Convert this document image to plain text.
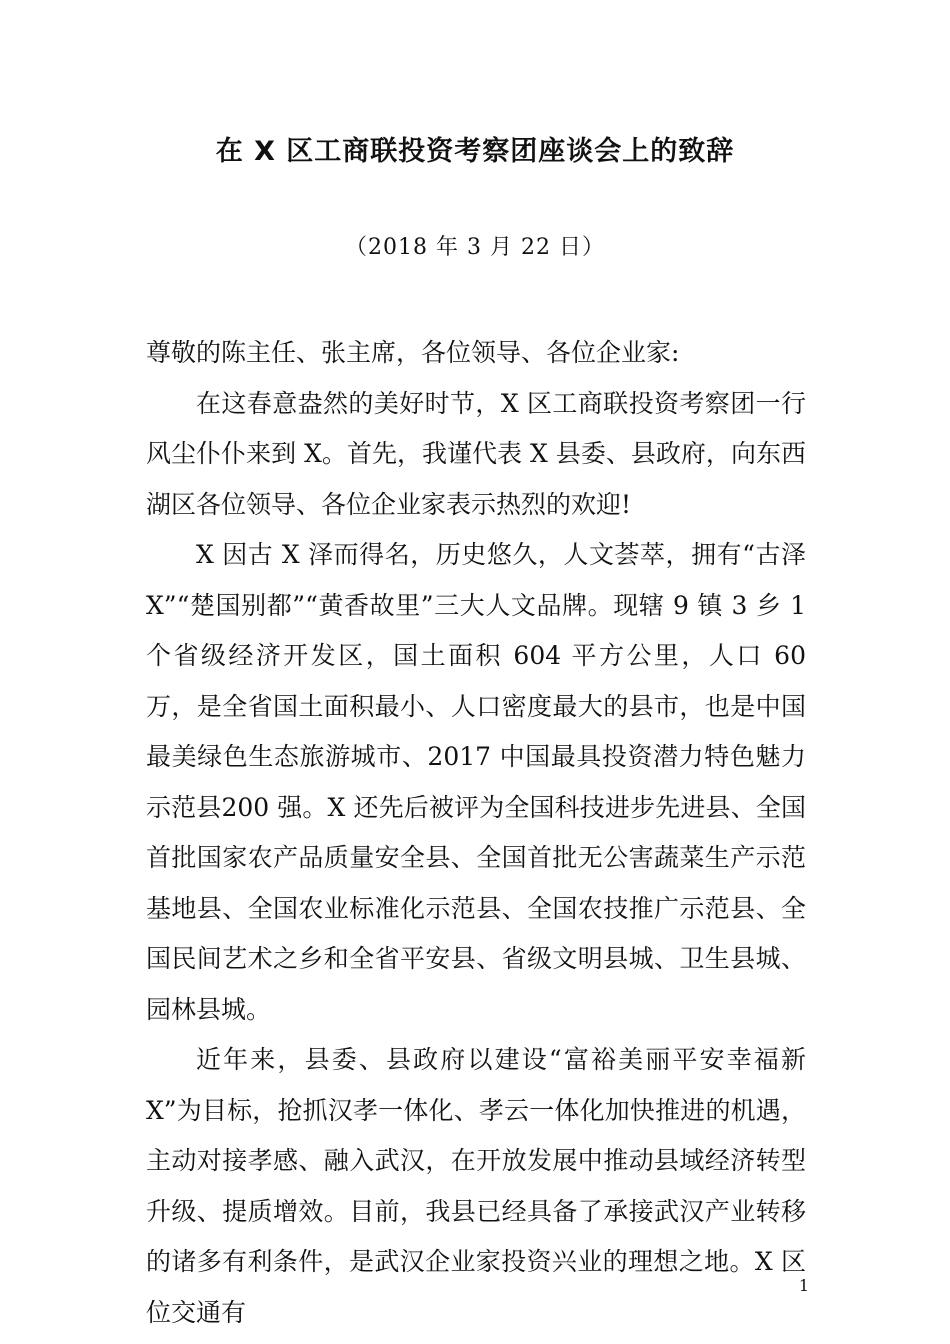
在 X 区工商联投资考察团座谈会上的致辞

（2018 年 3 月 22 日）

尊敬的陈主任、张主席，各位领导、各位企业家:

在这春意盎然的美好时节，X 区工商联投资考察团一行风尘仆仆来到 X。首先，我谨代表 X 县委、县政府，向东西湖区各位领导、各位企业家表示热烈的欢迎!

X 因古 X 泽而得名，历史悠久，人文荟萃，拥有“古泽X”“楚国别都”“黄香故里”三大人文品牌。现辖 9 镇 3 乡 1 个省级经济开发区，国土面积 604 平方公里，人口 60 万，是全省国土面积最小、人口密度最大的县市，也是中国最美绿色生态旅游城市、2017 中国最具投资潜力特色魅力示范县200 强。X 还先后被评为全国科技进步先进县、全国首批国家农产品质量安全县、全国首批无公害蔬菜生产示范基地县、全国农业标准化示范县、全国农技推广示范县、全国民间艺术之乡和全省平安县、省级文明县城、卫生县城、园林县城。

近年来，县委、县政府以建设“富裕美丽平安幸福新 X”为目标，抢抓汉孝一体化、孝云一体化加快推进的机遇，主动对接孝感、融入武汉，在开放发展中推动县域经济转型升级、提质增效。目前，我县已经具备了承接武汉产业转移的诸多有利条件，是武汉企业家投资兴业的理想之地。X 区位交通有

1
